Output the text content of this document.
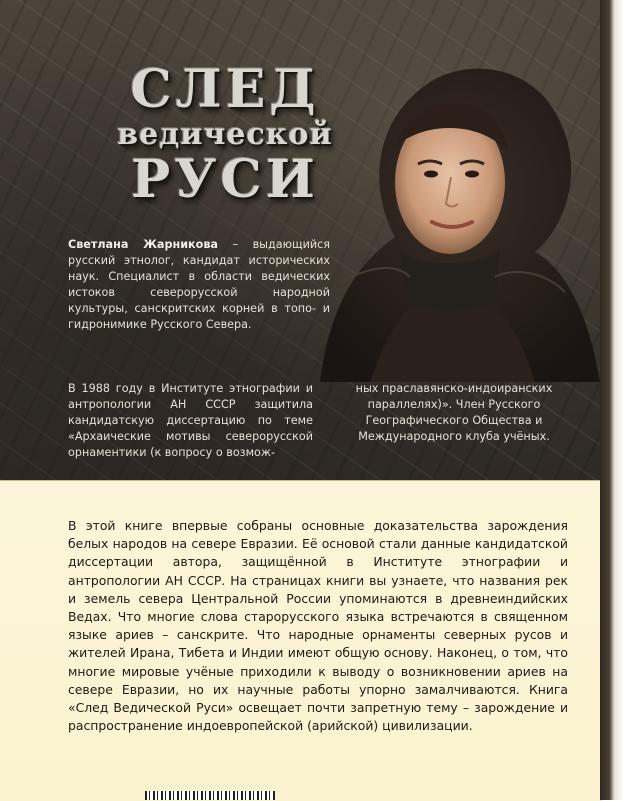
СЛЕД
ведической
РУСИ
Светлана Жарникова – выдающийся русский этнолог, кандидат исторических наук. Специалист в области ведических истоков северорусской народной культуры, санскритских корней в топо- и гидронимике Русского Севера.
В 1988 году в Институте этнографии и антропологии АН СССР защитила кандидатскую диссертацию по теме «Архаические мотивы северорусской орнаментики (к вопросу о возмож-
ных праславянско-индоиранских параллелях)». Член Русского Географического Общества и Международного клуба учёных.
В этой книге впервые собраны основные доказательства зарождения белых народов на севере Евразии. Её основой стали данные кандидатской диссертации автора, защищённой в Институте этнографии и антропологии АН СССР. На страницах книги вы узнаете, что названия рек и земель севера Центральной России упоминаются в древнеиндийских Ведах. Что многие слова старорусского языка встречаются в священном языке ариев – санскрите. Что народные орнаменты северных русов и жителей Ирана, Тибета и Индии имеют общую основу. Наконец, о том, что многие мировые учёные приходили к выводу о возникновении ариев на севере Евразии, но их научные работы упорно замалчиваются. Книга «След Ведической Руси» освещает почти запретную тему – зарождение и распространение индоевропейской (арийской) цивилизации.
